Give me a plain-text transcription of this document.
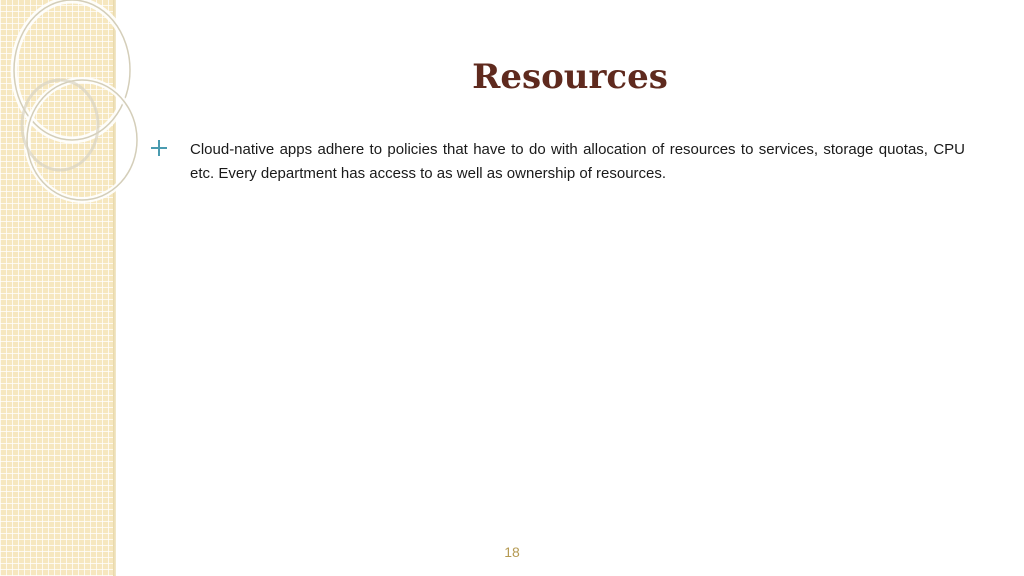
Resources
Cloud-native apps adhere to policies that have to do with allocation of resources to services, storage quotas, CPU etc. Every department has access to as well as ownership of resources.
18
